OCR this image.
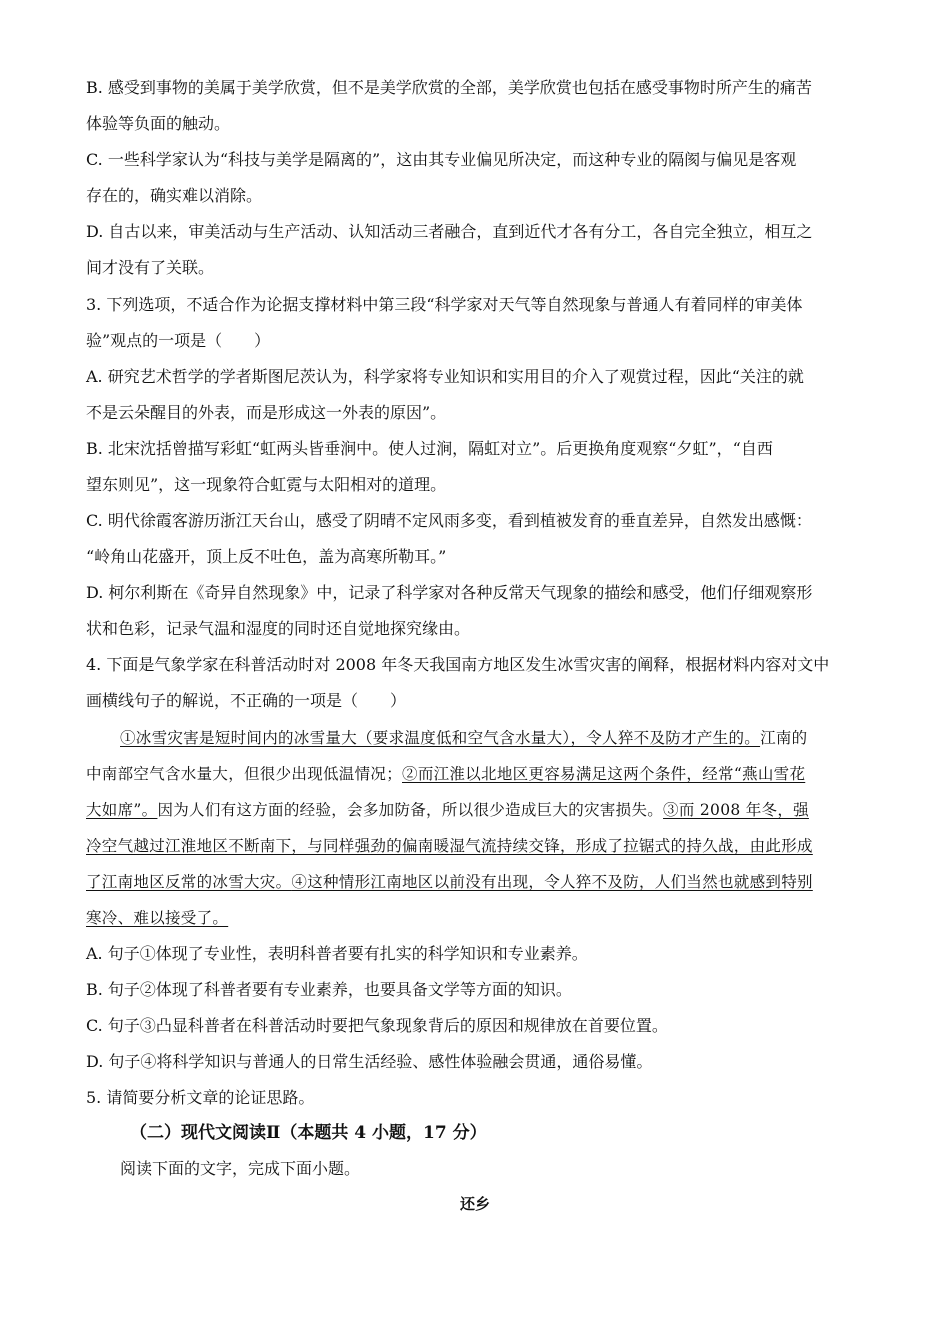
B. 感受到事物的美属于美学欣赏，但不是美学欣赏的全部，美学欣赏也包括在感受事物时所产生的痛苦
体验等负面的触动。
C. 一些科学家认为“科技与美学是隔离的”，这由其专业偏见所决定，而这种专业的隔阂与偏见是客观
存在的，确实难以消除。
D. 自古以来，审美活动与生产活动、认知活动三者融合，直到近代才各有分工，各自完全独立，相互之
间才没有了关联。
3. 下列选项，不适合作为论据支撑材料中第三段“科学家对天气等自然现象与普通人有着同样的审美体
验”观点的一项是（　　）
A. 研究艺术哲学的学者斯图尼茨认为，科学家将专业知识和实用目的介入了观赏过程，因此“关注的就
不是云朵醒目的外表，而是形成这一外表的原因”。
B. 北宋沈括曾描写彩虹“虹两头皆垂涧中。使人过涧，隔虹对立”。后更换角度观察“夕虹”，“自西
望东则见”，这一现象符合虹霓与太阳相对的道理。
C. 明代徐霞客游历浙江天台山，感受了阴晴不定风雨多变，看到植被发育的垂直差异，自然发出感慨：
“岭角山花盛开，顶上反不吐色，盖为高寒所勒耳。”
D. 柯尔利斯在《奇异自然现象》中，记录了科学家对各种反常天气现象的描绘和感受，他们仔细观察形
状和色彩，记录气温和湿度的同时还自觉地探究缘由。
4. 下面是气象学家在科普活动时对 2008 年冬天我国南方地区发生冰雪灾害的阐释，根据材料内容对文中
画横线句子的解说，不正确的一项是（　　）
①冰雪灾害是短时间内的冰雪量大（要求温度低和空气含水量大），令人猝不及防才产生的。江南的
中南部空气含水量大，但很少出现低温情况；②而江淮以北地区更容易满足这两个条件，经常“燕山雪花
大如席”。因为人们有这方面的经验，会多加防备，所以很少造成巨大的灾害损失。③而 2008 年冬，强
冷空气越过江淮地区不断南下，与同样强劲的偏南暖湿气流持续交锋，形成了拉锯式的持久战，由此形成
了江南地区反常的冰雪大灾。④这种情形江南地区以前没有出现，令人猝不及防，人们当然也就感到特别
寒冷、难以接受了。
A. 句子①体现了专业性，表明科普者要有扎实的科学知识和专业素养。
B. 句子②体现了科普者要有专业素养，也要具备文学等方面的知识。
C. 句子③凸显科普者在科普活动时要把气象现象背后的原因和规律放在首要位置。
D. 句子④将科学知识与普通人的日常生活经验、感性体验融会贯通，通俗易懂。
5. 请简要分析文章的论证思路。
（二）现代文阅读Ⅱ（本题共 4 小题，17 分）
阅读下面的文字，完成下面小题。
还乡
